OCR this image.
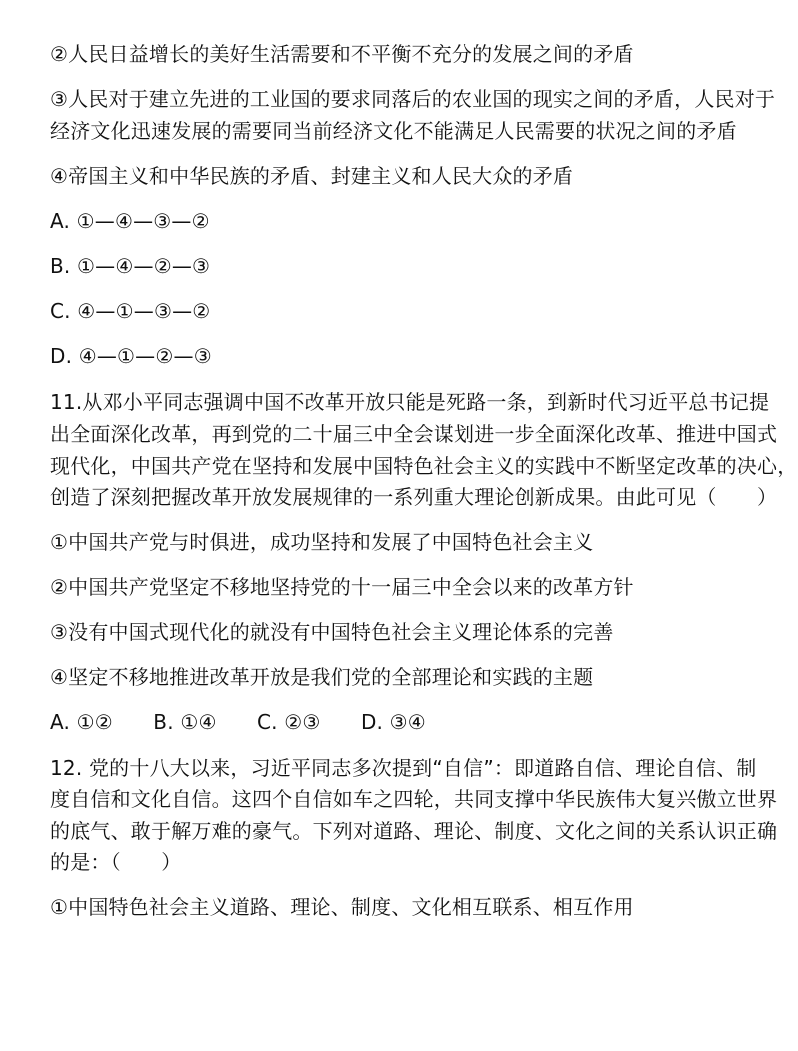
②人民日益增长的美好生活需要和不平衡不充分的发展之间的矛盾
③人民对于建立先进的工业国的要求同落后的农业国的现实之间的矛盾，人民对于
经济文化迅速发展的需要同当前经济文化不能满足人民需要的状况之间的矛盾
④帝国主义和中华民族的矛盾、封建主义和人民大众的矛盾
A. ①—④—③—②
B. ①—④—②—③
C. ④—①—③—②
D. ④—①—②—③
11.从邓小平同志强调中国不改革开放只能是死路一条，到新时代习近平总书记提
出全面深化改革，再到党的二十届三中全会谋划进一步全面深化改革、推进中国式
现代化，中国共产党在坚持和发展中国特色社会主义的实践中不断坚定改革的决心，
创造了深刻把握改革开放发展规律的一系列重大理论创新成果。由此可见（　　）
①中国共产党与时俱进，成功坚持和发展了中国特色社会主义
②中国共产党坚定不移地坚持党的十一届三中全会以来的改革方针
③没有中国式现代化的就没有中国特色社会主义理论体系的完善
④坚定不移地推进改革开放是我们党的全部理论和实践的主题
A. ①②　　B. ①④　　C. ②③　　D. ③④
12. 党的十八大以来，习近平同志多次提到“自信”：即道路自信、理论自信、制
度自信和文化自信。这四个自信如车之四轮，共同支撑中华民族伟大复兴傲立世界
的底气、敢于解万难的豪气。下列对道路、理论、制度、文化之间的关系认识正确
的是：（　　）
①中国特色社会主义道路、理论、制度、文化相互联系、相互作用
